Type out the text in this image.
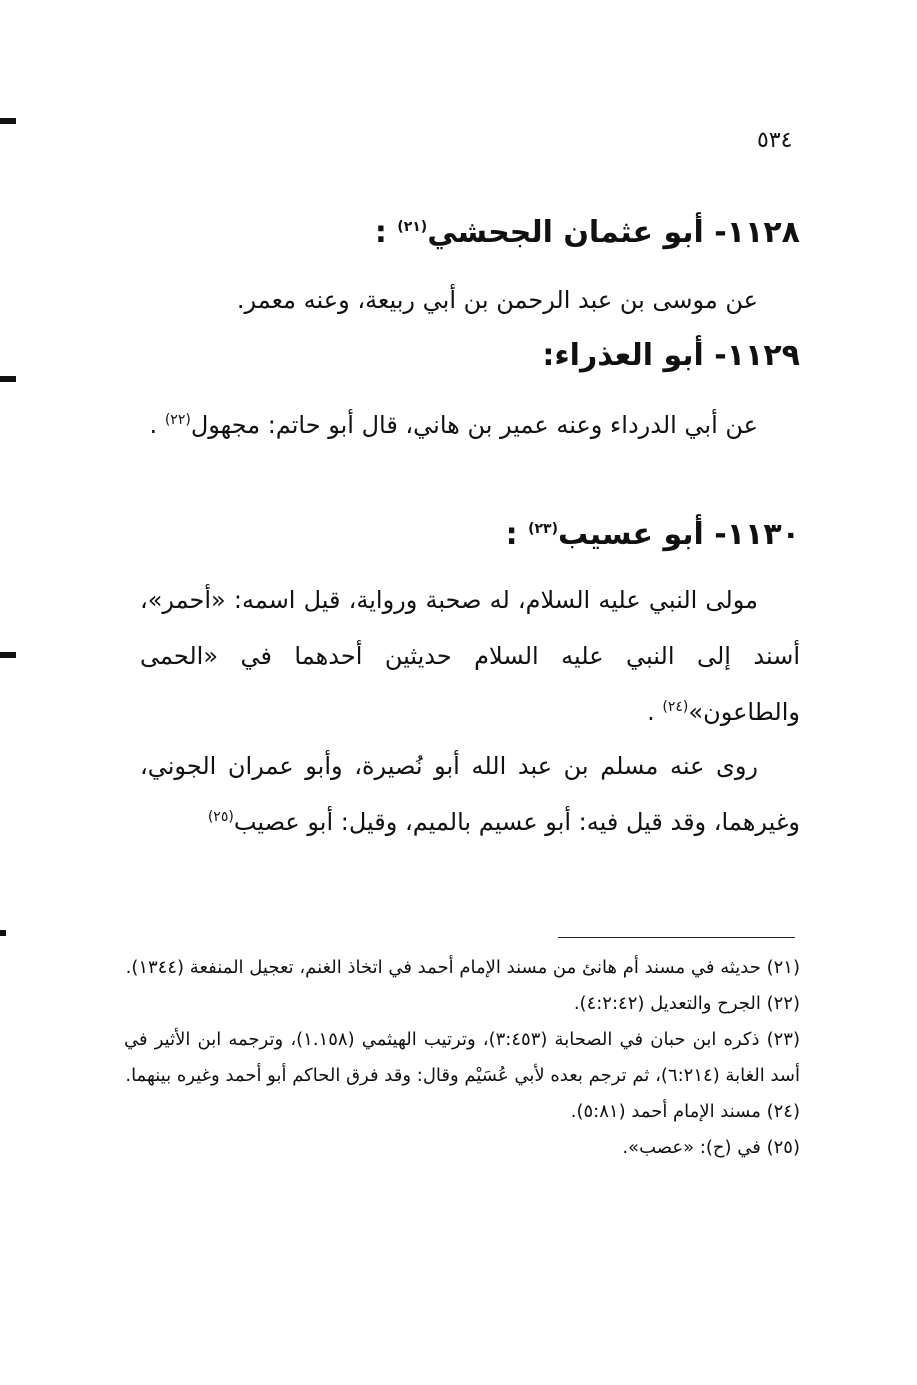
٥٣٤
١١٢٨- أبو عثمان الجحشي$^{(٢١)}$ :
عن موسى بن عبد الرحمن بن أبي ربيعة، وعنه معمر.
١١٢٩- أبو العذراء:
عن أبي الدرداء وعنه عمير بن هاني، قال أبو حاتم: مجهول$^{(٢٢)}$ .
١١٣٠- أبو عسيب$^{(٢٣)}$ :
مولى النبي عليه السلام، له صحبة ورواية، قيل اسمه: «أحمر»، أسند إلى النبي عليه السلام حديثين أحدهما في «الحمى والطاعون»$^{(٢٤)}$ .
روى عنه مسلم بن عبد الله أبو نُصيرة، وأبو عمران الجوني، وغيرهما، وقد قيل فيه: أبو عسيم بالميم، وقيل: أبو عصيب$^{(٢٥)}$

(٢١) حديثه في مسند أم هانئ من مسند الإمام أحمد في اتخاذ الغنم، تعجيل المنفعة (١٣٤٤).

(٢٢) الجرح والتعديل (٤:٢:٤٢).

(٢٣) ذكره ابن حبان في الصحابة (٣:٤٥٣)، وترتيب الهيثمي (١.١٥٨)، وترجمه ابن الأثير في أسد الغابة (٦:٢١٤)، ثم ترجم بعده لأبي عُسَيْم وقال: وقد فرق الحاكم أبو أحمد وغيره بينهما.

(٢٤) مسند الإمام أحمد (٥:٨١).

(٢٥) في (ح): «عصب».
